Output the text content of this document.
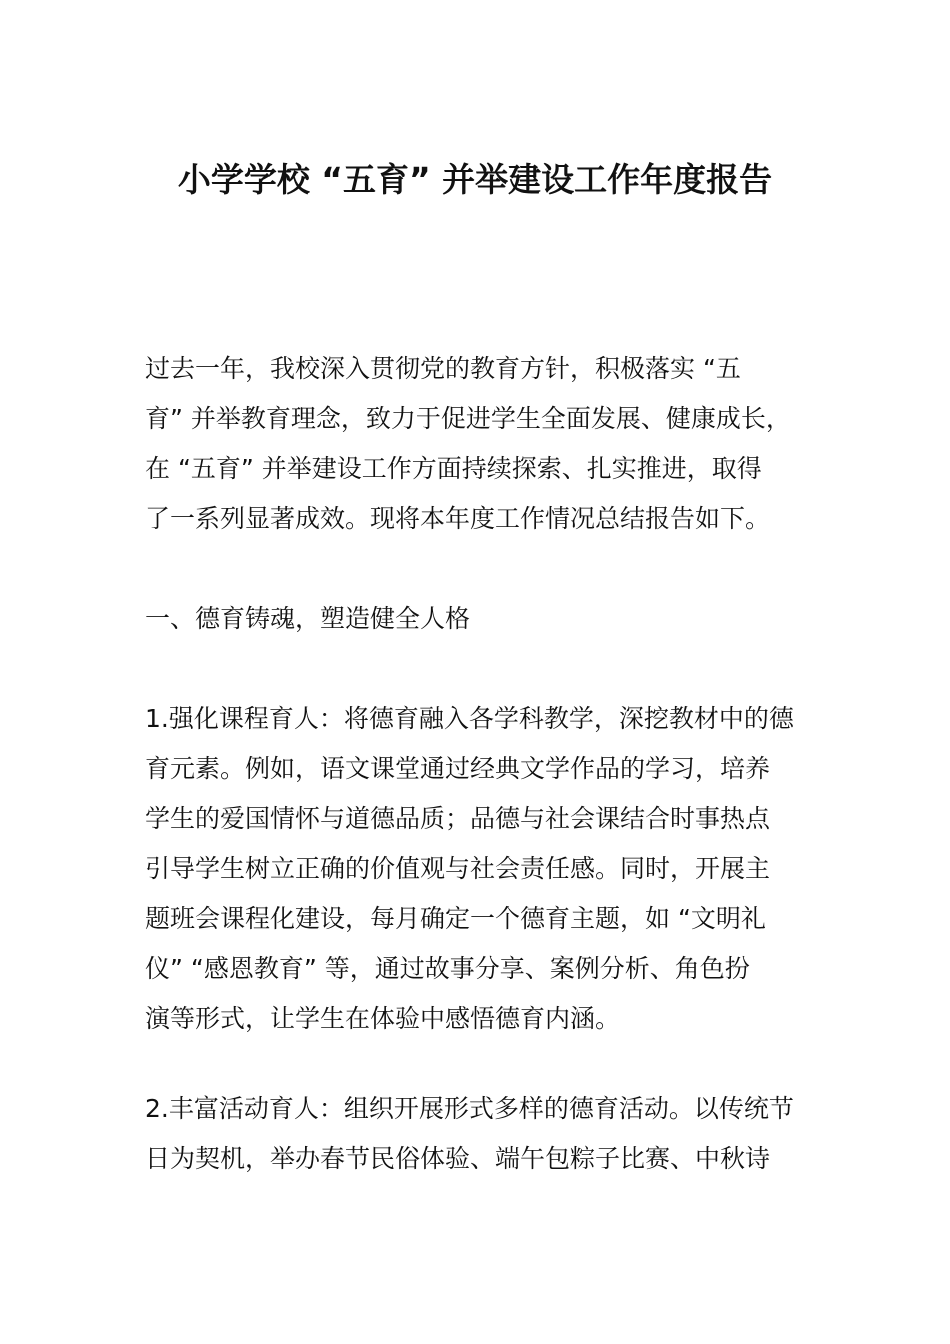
小学学校 “五育” 并举建设工作年度报告
过去一年，我校深入贯彻党的教育方针，积极落实 “五
育” 并举教育理念，致力于促进学生全面发展、健康成长，
在 “五育” 并举建设工作方面持续探索、扎实推进，取得
了一系列显著成效。现将本年度工作情况总结报告如下。
一、德育铸魂，塑造健全人格
1.强化课程育人：将德育融入各学科教学，深挖教材中的德
育元素。例如，语文课堂通过经典文学作品的学习，培养
学生的爱国情怀与道德品质；品德与社会课结合时事热点
引导学生树立正确的价值观与社会责任感。同时，开展主
题班会课程化建设，每月确定一个德育主题，如 “文明礼
仪” “感恩教育” 等，通过故事分享、案例分析、角色扮
演等形式，让学生在体验中感悟德育内涵。
2.丰富活动育人：组织开展形式多样的德育活动。以传统节
日为契机，举办春节民俗体验、端午包粽子比赛、中秋诗
